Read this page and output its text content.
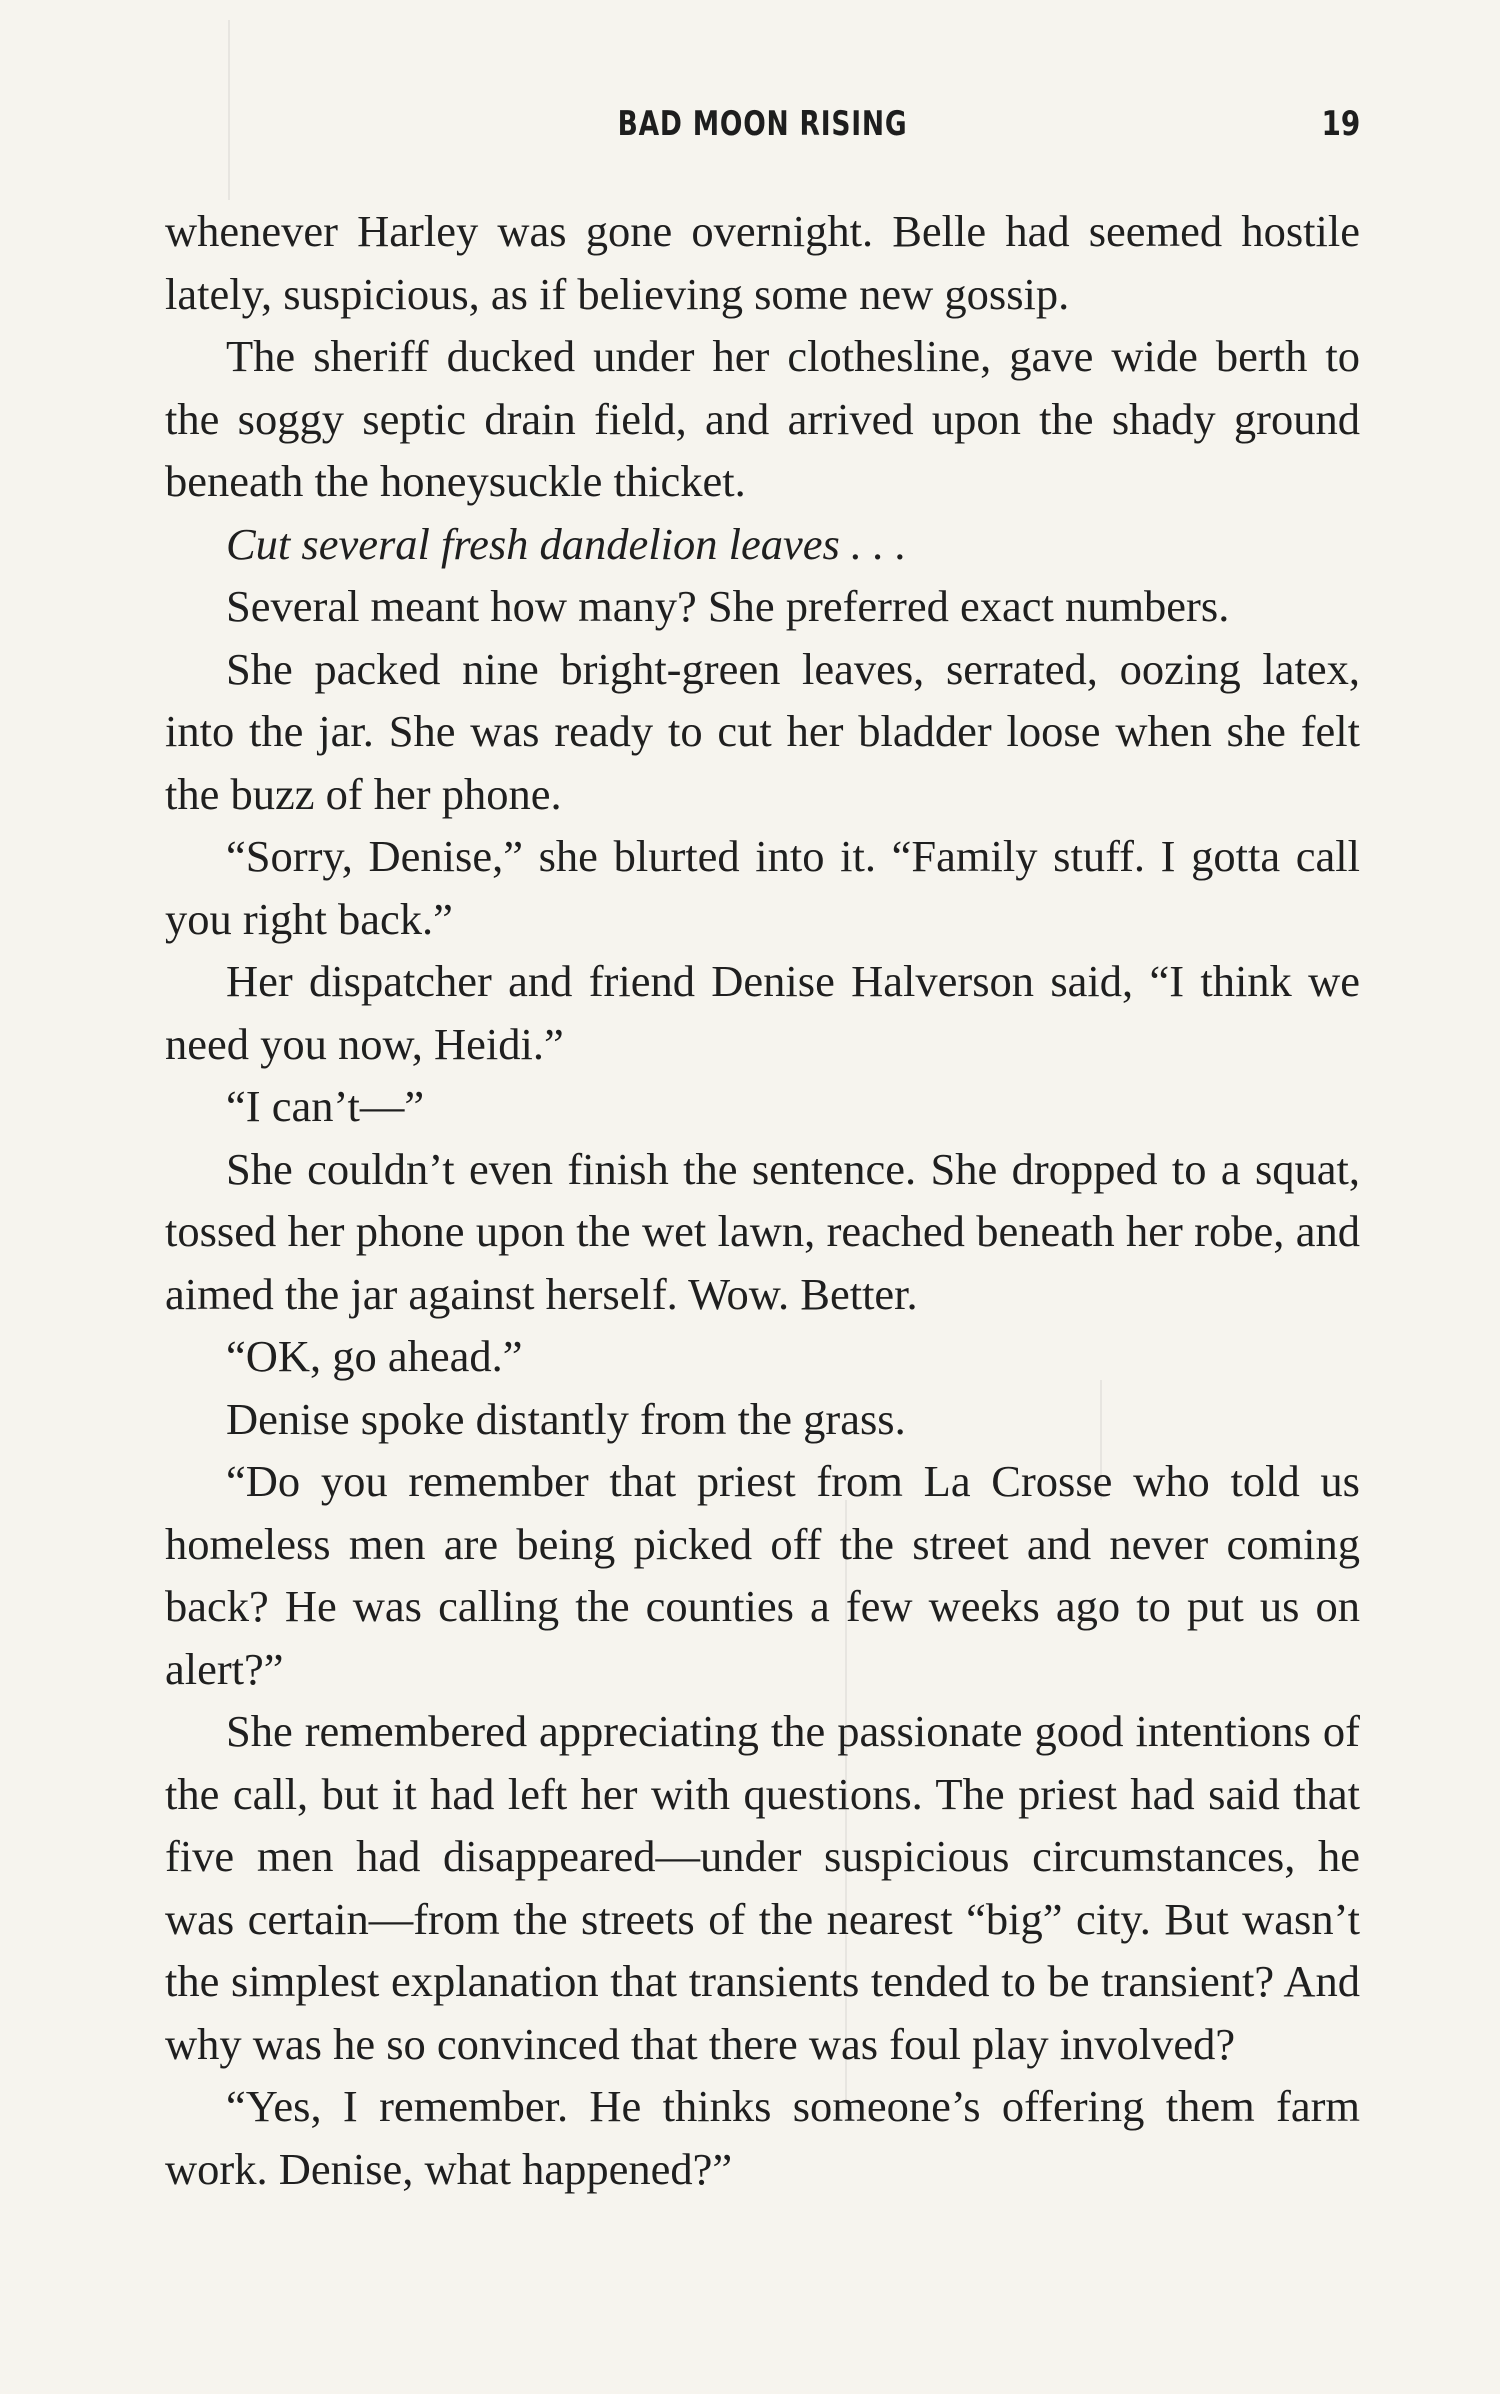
BAD MOON RISING	19

whenever Harley was gone overnight. Belle had seemed hostile lately, suspicious, as if believing some new gossip.

The sheriff ducked under her clothesline, gave wide berth to the soggy septic drain field, and arrived upon the shady ground beneath the honeysuckle thicket.

Cut several fresh dandelion leaves . . .

Several meant how many? She preferred exact numbers.

She packed nine bright-green leaves, serrated, oozing latex, into the jar. She was ready to cut her bladder loose when she felt the buzz of her phone.

“Sorry, Denise,” she blurted into it. “Family stuff. I gotta call you right back.”

Her dispatcher and friend Denise Halverson said, “I think we need you now, Heidi.”

“I can’t—”

She couldn’t even finish the sentence. She dropped to a squat, tossed her phone upon the wet lawn, reached beneath her robe, and aimed the jar against herself. Wow. Better.

“OK, go ahead.”

Denise spoke distantly from the grass.

“Do you remember that priest from La Crosse who told us homeless men are being picked off the street and never coming back? He was calling the counties a few weeks ago to put us on alert?”

She remembered appreciating the passionate good intentions of the call, but it had left her with questions. The priest had said that five men had disappeared—under suspicious circumstances, he was certain—from the streets of the nearest “big” city. But wasn’t the simplest explanation that transients tended to be transient? And why was he so convinced that there was foul play involved?

“Yes, I remember. He thinks someone’s offering them farm work. Denise, what happened?”
